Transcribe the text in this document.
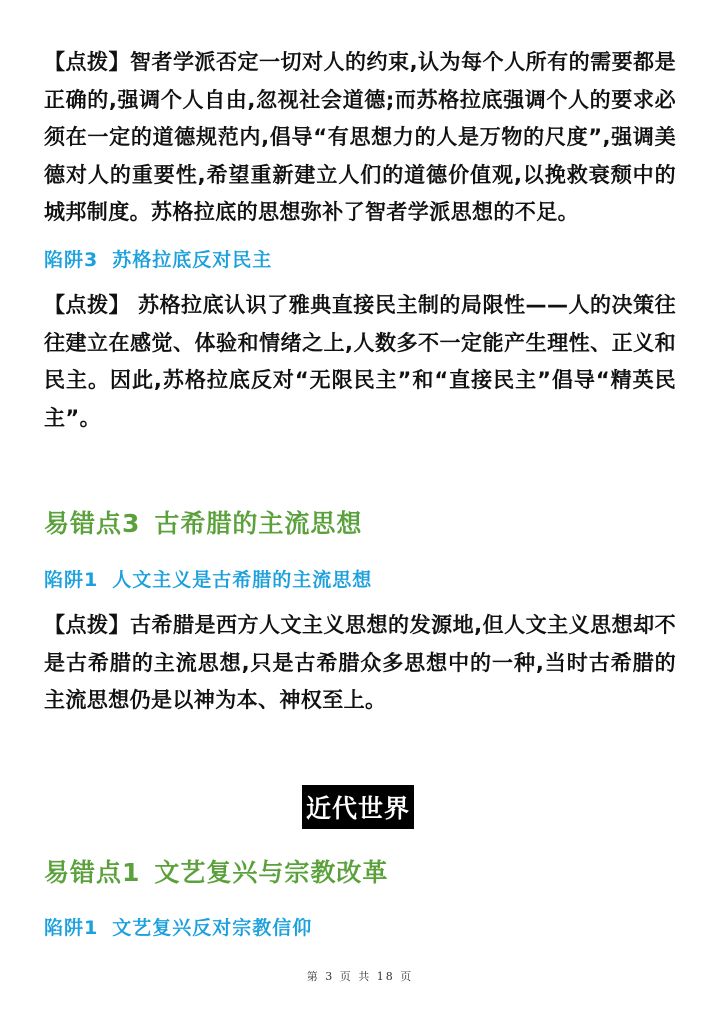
【点拨】智者学派否定一切对人的约束,认为每个人所有的需要都是正确的,强调个人自由,忽视社会道德;而苏格拉底强调个人的要求必须在一定的道德规范内,倡导“有思想力的人是万物的尺度”,强调美德对人的重要性,希望重新建立人们的道德价值观,以挽救衰颓中的城邦制度。苏格拉底的思想弥补了智者学派思想的不足。

陷阱3 苏格拉底反对民主

【点拨】 苏格拉底认识了雅典直接民主制的局限性——人的决策往往建立在感觉、体验和情绪之上,人数多不一定能产生理性、正义和民主。因此,苏格拉底反对“无限民主”和“直接民主”倡导“精英民主”。

易错点3 古希腊的主流思想

陷阱1 人文主义是古希腊的主流思想

【点拨】古希腊是西方人文主义思想的发源地,但人文主义思想却不是古希腊的主流思想,只是古希腊众多思想中的一种,当时古希腊的主流思想仍是以神为本、神权至上。

近代世界

易错点1 文艺复兴与宗教改革

陷阱1 文艺复兴反对宗教信仰

第 3 页 共 18 页
